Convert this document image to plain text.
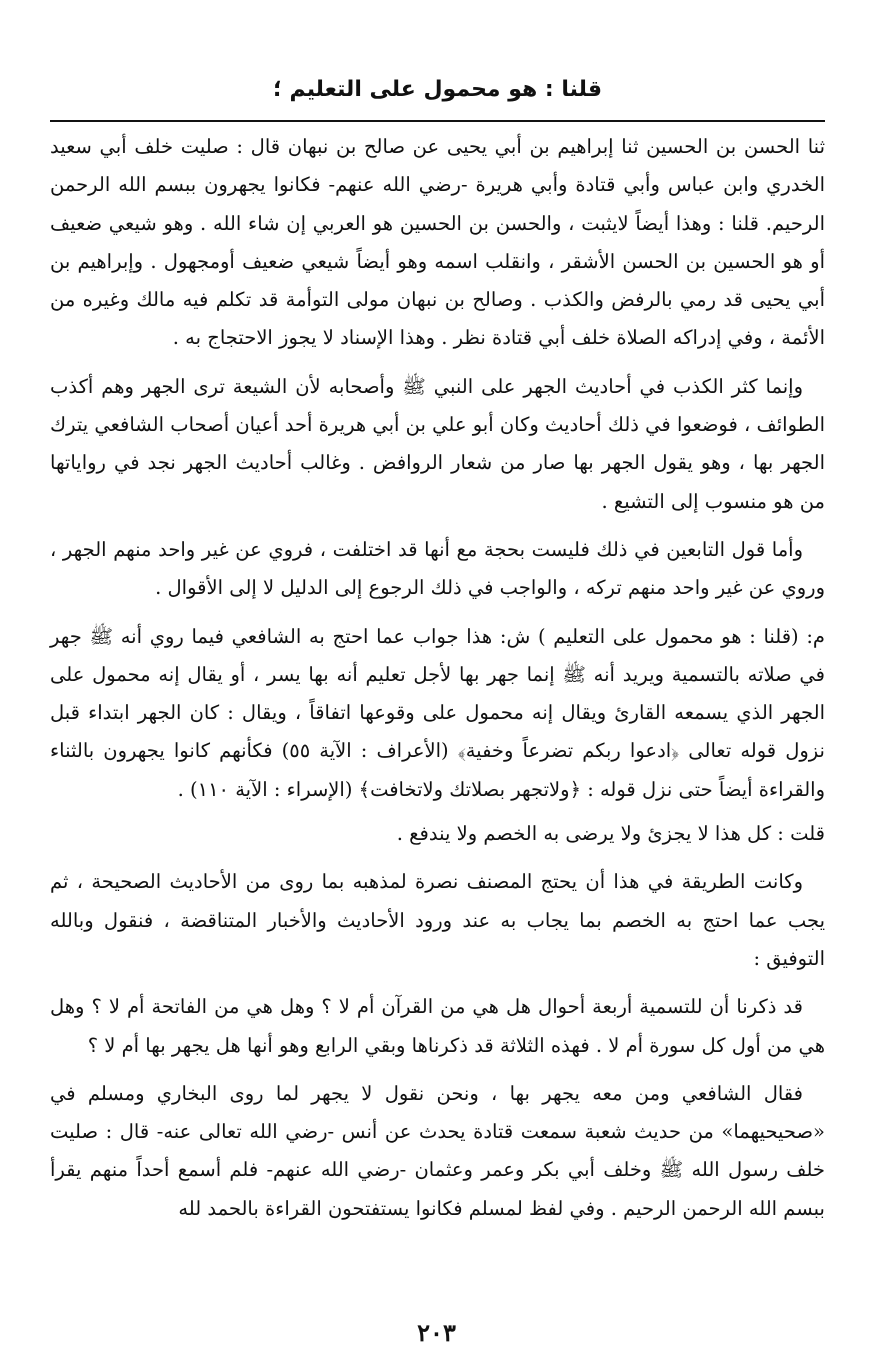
قلنا : هو محمول على التعليم ؛

ثنا الحسن بن الحسين ثنا إبراهيم بن أبي يحيى عن صالح بن نبهان قال : صليت خلف أبي سعيد الخدري وابن عباس وأبي قتادة وأبي هريرة -رضي الله عنهم- فكانوا يجهرون ببسم الله الرحمن الرحيم. قلنا : وهذا أيضاً لايثبت ، والحسن بن الحسين هو العربي إن شاء الله . وهو شيعي ضعيف أو هو الحسين بن الحسن الأشقر ، وانقلب اسمه وهو أيضاً شيعي ضعيف أومجهول . وإبراهيم بن أبي يحيى قد رمي بالرفض والكذب . وصالح بن نبهان مولى التوأمة قد تكلم فيه مالك وغيره من الأئمة ، وفي إدراكه الصلاة خلف أبي قتادة نظر . وهذا الإسناد لا يجوز الاحتجاج به .

وإنما كثر الكذب في أحاديث الجهر على النبي ﷺ وأصحابه لأن الشيعة ترى الجهر وهم أكذب الطوائف ، فوضعوا في ذلك أحاديث وكان أبو علي بن أبي هريرة أحد أعيان أصحاب الشافعي يترك الجهر بها ، وهو يقول الجهر بها صار من شعار الروافض . وغالب أحاديث الجهر نجد في رواياتها من هو منسوب إلى التشيع .

وأما قول التابعين في ذلك فليست بحجة مع أنها قد اختلفت ، فروي عن غير واحد منهم الجهر ، وروي عن غير واحد منهم تركه ، والواجب في ذلك الرجوع إلى الدليل لا إلى الأقوال .

م: (قلنا : هو محمول على التعليم ) ش: هذا جواب عما احتج به الشافعي فيما روي أنه ﷺ جهر في صلاته بالتسمية ويريد أنه ﷺ إنما جهر بها لأجل تعليم أنه بها يسر ، أو يقال إنه محمول على الجهر الذي يسمعه القارئ ويقال إنه محمول على وقوعها اتفاقاً ، ويقال : كان الجهر ابتداء قبل نزول قوله تعالى ﴿ادعوا ربكم تضرعاً وخفية﴾ (الأعراف : الآية ٥٥) فكأنهم كانوا يجهرون بالثناء والقراءة أيضاً حتى نزل قوله : ﴿ولاتجهر بصلاتك ولاتخافت﴾ (الإسراء : الآية ١١٠) .

قلت : كل هذا لا يجزئ ولا يرضى به الخصم ولا يندفع .

وكانت الطريقة في هذا أن يحتج المصنف نصرة لمذهبه بما روى من الأحاديث الصحيحة ، ثم يجب عما احتج به الخصم بما يجاب به عند ورود الأحاديث والأخبار المتناقضة ، فنقول وبالله التوفيق :

قد ذكرنا أن للتسمية أربعة أحوال هل هي من القرآن أم لا ؟ وهل هي من الفاتحة أم لا ؟ وهل هي من أول كل سورة أم لا . فهذه الثلاثة قد ذكرناها وبقي الرابع وهو أنها هل يجهر بها أم لا ؟

فقال الشافعي ومن معه يجهر بها ، ونحن نقول لا يجهر لما روى البخاري ومسلم في «صحيحيهما» من حديث شعبة سمعت قتادة يحدث عن أنس -رضي الله تعالى عنه- قال : صليت خلف رسول الله ﷺ وخلف أبي بكر وعمر وعثمان -رضي الله عنهم- فلم أسمع أحداً منهم يقرأ ببسم الله الرحمن الرحيم . وفي لفظ لمسلم فكانوا يستفتحون القراءة بالحمد لله

٢٠٣
